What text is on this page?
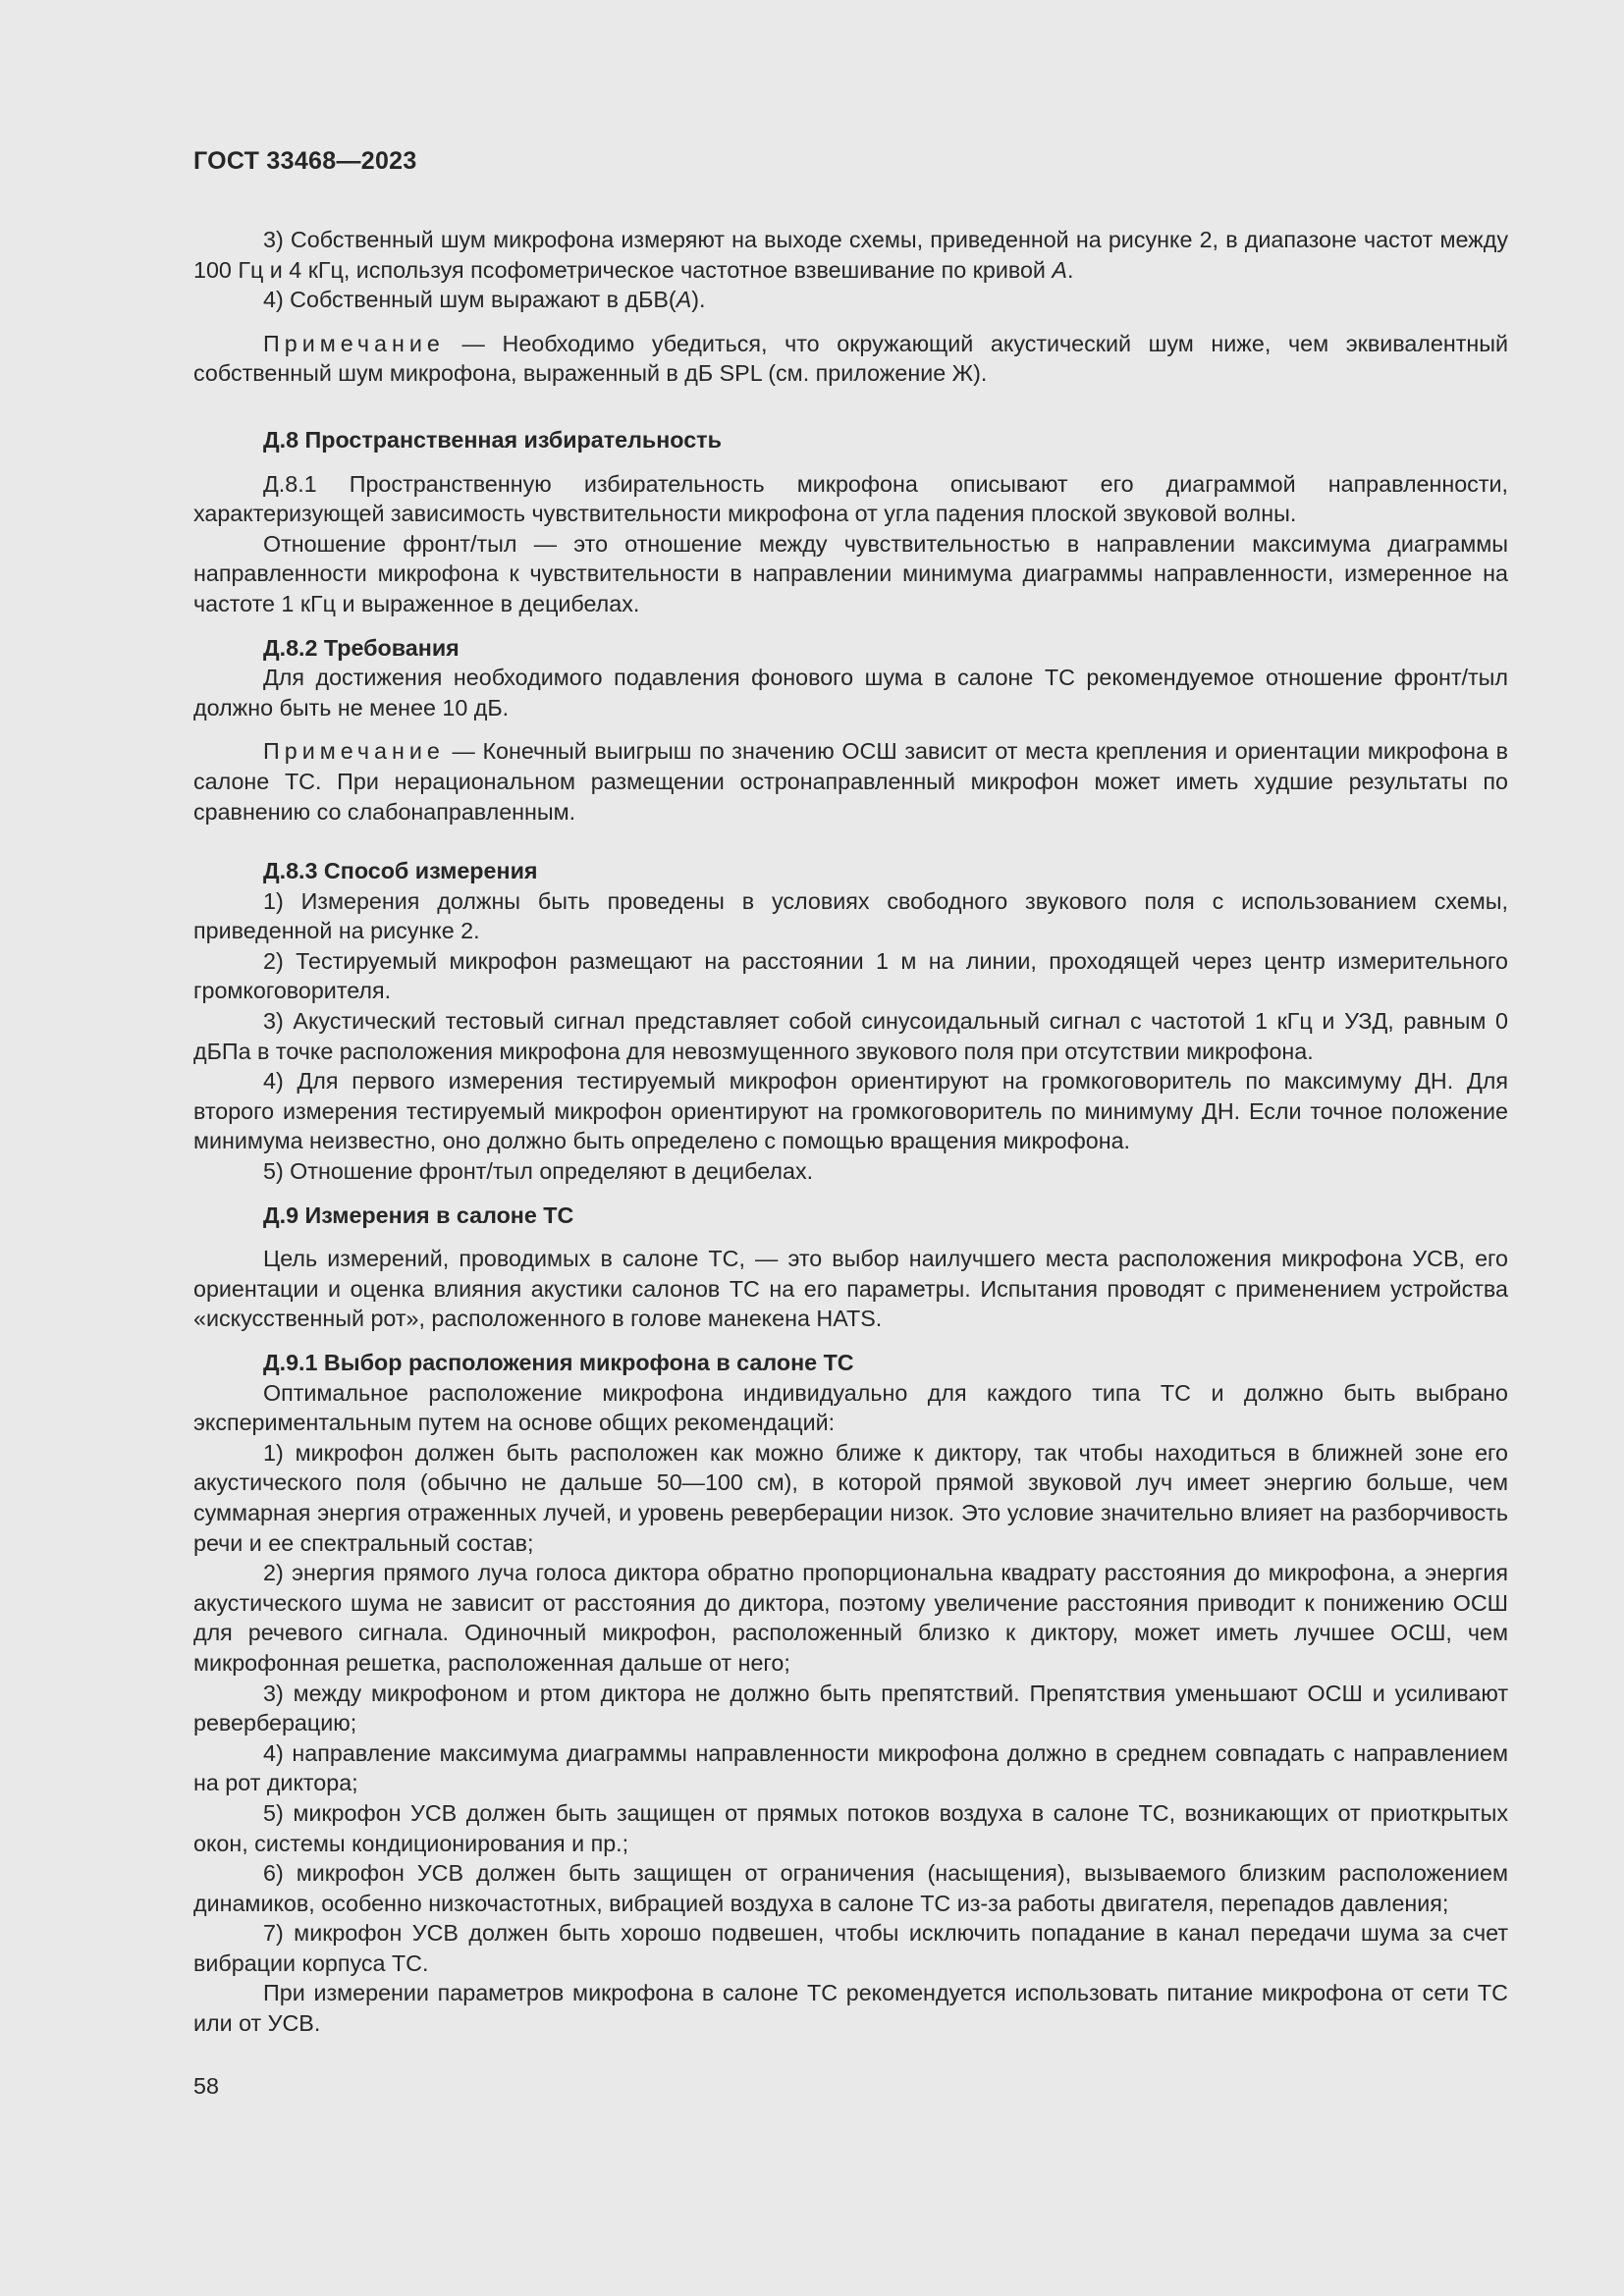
ГОСТ 33468—2023

3) Собственный шум микрофона измеряют на выходе схемы, приведенной на рисунке 2, в диапазоне частот между 100 Гц и 4 кГц, используя псофометрическое частотное взвешивание по кривой A.

4) Собственный шум выражают в дБВ(A).

Примечание — Необходимо убедиться, что окружающий акустический шум ниже, чем эквивалентный собственный шум микрофона, выраженный в дБ SPL (см. приложение Ж).

Д.8 Пространственная избирательность

Д.8.1 Пространственную избирательность микрофона описывают его диаграммой направленности, характеризующей зависимость чувствительности микрофона от угла падения плоской звуковой волны.

Отношение фронт/тыл — это отношение между чувствительностью в направлении максимума диаграммы направленности микрофона к чувствительности в направлении минимума диаграммы направленности, измеренное на частоте 1 кГц и выраженное в децибелах.

Д.8.2 Требования

Для достижения необходимого подавления фонового шума в салоне ТС рекомендуемое отношение фронт/тыл должно быть не менее 10 дБ.

Примечание — Конечный выигрыш по значению ОСШ зависит от места крепления и ориентации микрофона в салоне ТС. При нерациональном размещении остронаправленный микрофон может иметь худшие результаты по сравнению со слабонаправленным.

Д.8.3 Способ измерения

1) Измерения должны быть проведены в условиях свободного звукового поля с использованием схемы, приведенной на рисунке 2.

2) Тестируемый микрофон размещают на расстоянии 1 м на линии, проходящей через центр измерительного громкоговорителя.

3) Акустический тестовый сигнал представляет собой синусоидальный сигнал с частотой 1 кГц и УЗД, равным 0 дБПа в точке расположения микрофона для невозмущенного звукового поля при отсутствии микрофона.

4) Для первого измерения тестируемый микрофон ориентируют на громкоговоритель по максимуму ДН. Для второго измерения тестируемый микрофон ориентируют на громкоговоритель по минимуму ДН. Если точное положение минимума неизвестно, оно должно быть определено с помощью вращения микрофона.

5) Отношение фронт/тыл определяют в децибелах.

Д.9 Измерения в салоне ТС

Цель измерений, проводимых в салоне ТС, — это выбор наилучшего места расположения микрофона УСВ, его ориентации и оценка влияния акустики салонов ТС на его параметры. Испытания проводят с применением устройства «искусственный рот», расположенного в голове манекена HATS.

Д.9.1 Выбор расположения микрофона в салоне ТС

Оптимальное расположение микрофона индивидуально для каждого типа ТС и должно быть выбрано экспериментальным путем на основе общих рекомендаций:

1) микрофон должен быть расположен как можно ближе к диктору, так чтобы находиться в ближней зоне его акустического поля (обычно не дальше 50—100 см), в которой прямой звуковой луч имеет энергию больше, чем суммарная энергия отраженных лучей, и уровень реверберации низок. Это условие значительно влияет на разборчивость речи и ее спектральный состав;

2) энергия прямого луча голоса диктора обратно пропорциональна квадрату расстояния до микрофона, а энергия акустического шума не зависит от расстояния до диктора, поэтому увеличение расстояния приводит к понижению ОСШ для речевого сигнала. Одиночный микрофон, расположенный близко к диктору, может иметь лучшее ОСШ, чем микрофонная решетка, расположенная дальше от него;

3) между микрофоном и ртом диктора не должно быть препятствий. Препятствия уменьшают ОСШ и усиливают реверберацию;

4) направление максимума диаграммы направленности микрофона должно в среднем совпадать с направлением на рот диктора;

5) микрофон УСВ должен быть защищен от прямых потоков воздуха в салоне ТС, возникающих от приоткрытых окон, системы кондиционирования и пр.;

6) микрофон УСВ должен быть защищен от ограничения (насыщения), вызываемого близким расположением динамиков, особенно низкочастотных, вибрацией воздуха в салоне ТС из-за работы двигателя, перепадов давления;

7) микрофон УСВ должен быть хорошо подвешен, чтобы исключить попадание в канал передачи шума за счет вибрации корпуса ТС.

При измерении параметров микрофона в салоне ТС рекомендуется использовать питание микрофона от сети ТС или от УСВ.

58
